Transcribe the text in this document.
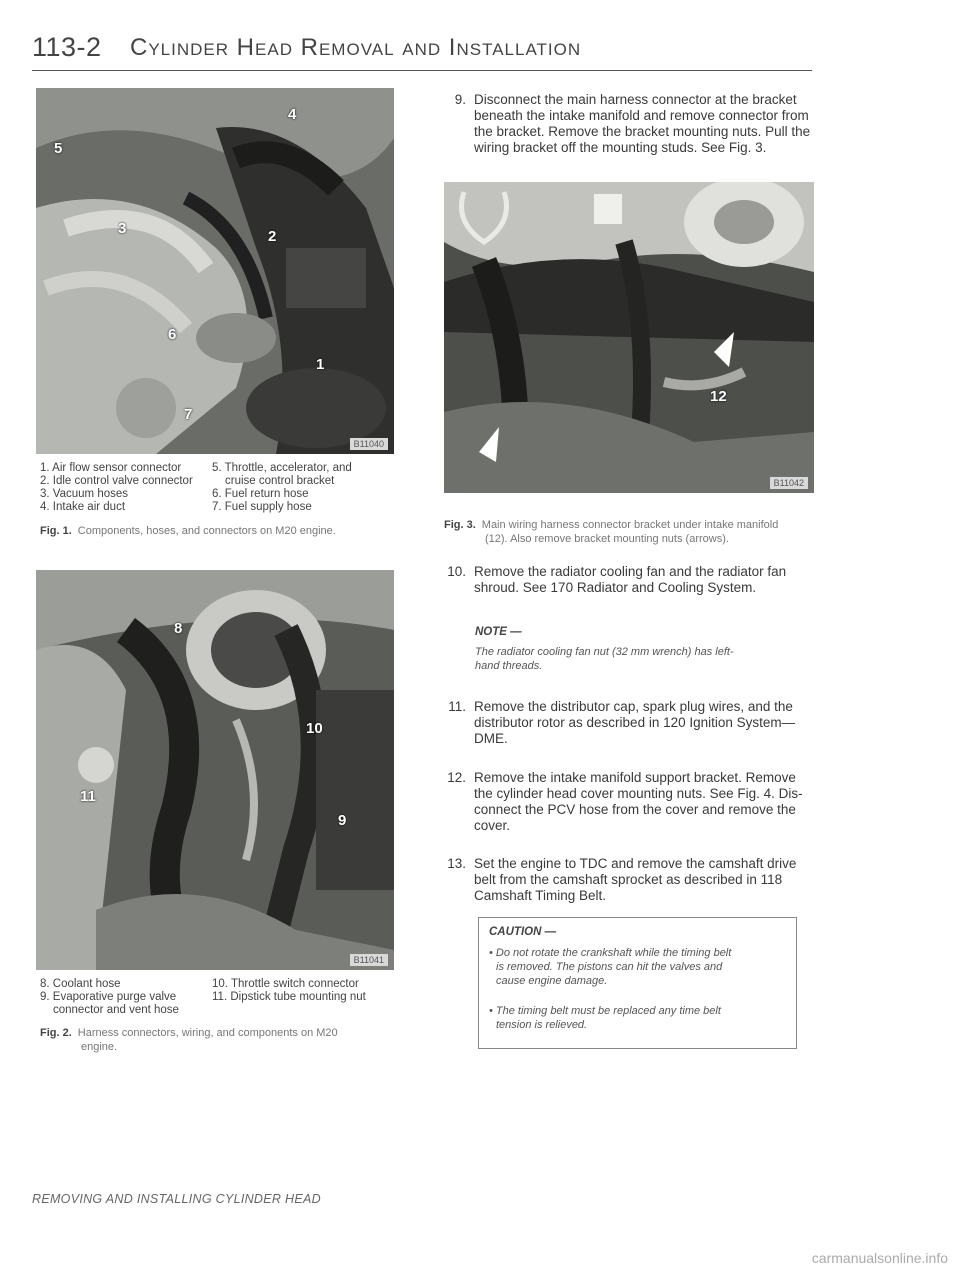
113-2 Cylinder Head Removal and Installation
5
4
3	2
6
1
7
B11040
1. Air flow sensor connector
2. Idle control valve connector
3. Vacuum hoses
4. Intake air duct
5. Throttle, accelerator, and
cruise control bracket
6. Fuel return hose
7. Fuel supply hose
Fig. 1. Components, hoses, and connectors on M20 engine.
8
10
11
9
B11041
8. Coolant hose
9. Evaporative purge valve
connector and vent hose
10. Throttle switch connector
11. Dipstick tube mounting nut
Fig. 2. Harness connectors, wiring, and components on M20
engine.
9. Disconnect the main harness connector at the bracket
beneath the intake manifold and remove connector from
the bracket. Remove the bracket mounting nuts. Pull the
wiring bracket off the mounting studs. See Fig. 3.
12
B11042
Fig. 3. Main wiring harness connector bracket under intake manifold
(12). Also remove bracket mounting nuts (arrows).
10. Remove the radiator cooling fan and the radiator fan
shroud. See 170 Radiator and Cooling System.
NOTE —
The radiator cooling fan nut (32 mm wrench) has left-
hand threads.
11. Remove the distributor cap, spark plug wires, and the
distributor rotor as described in 120 Ignition System—
DME.
12. Remove the intake manifold support bracket. Remove
the cylinder head cover mounting nuts. See Fig. 4. Dis-
connect the PCV hose from the cover and remove the
cover.
13. Set the engine to TDC and remove the camshaft drive
belt from the camshaft sprocket as described in 118
Camshaft Timing Belt.
CAUTION —
• Do not rotate the crankshaft while the timing belt
is removed. The pistons can hit the valves and
cause engine damage.
• The timing belt must be replaced any time belt
tension is relieved.
REMOVING AND INSTALLING CYLINDER HEAD
carmanualsonline.info
